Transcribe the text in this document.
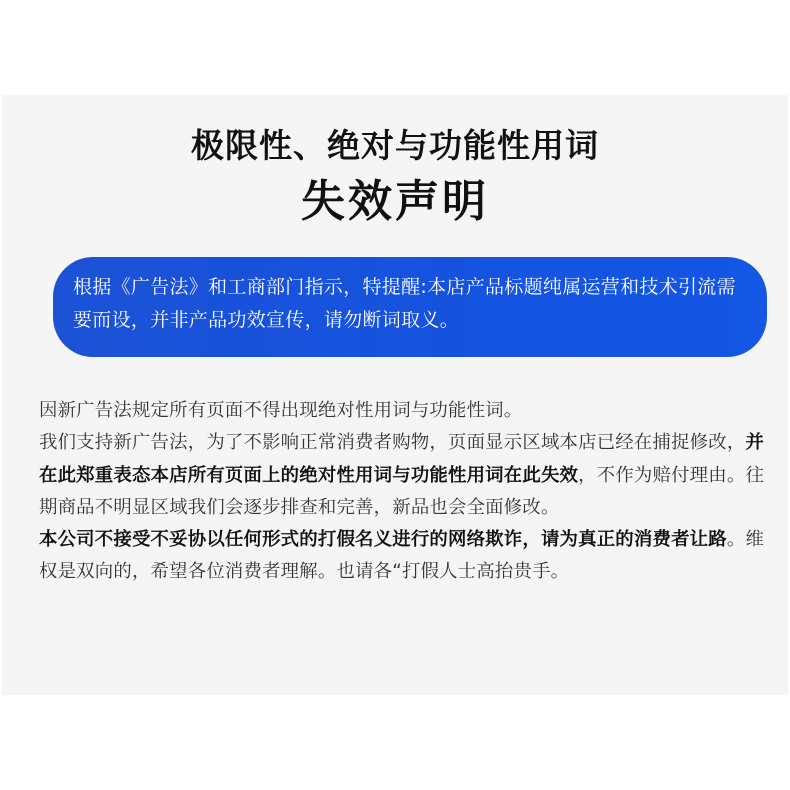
极限性、绝对与功能性用词
失效声明

根据《广告法》和工商部门指示，特提醒:本店产品标题纯属运营和技术引流需要而设，并非产品功效宣传，请勿断词取义。

因新广告法规定所有页面不得出现绝对性用词与功能性词。

我们支持新广告法，为了不影响正常消费者购物，页面显示区域本店已经在捕捉修改，并在此郑重表态本店所有页面上的绝对性用词与功能性用词在此失效，不作为赔付理由。往期商品不明显区域我们会逐步排查和完善，新品也会全面修改。

本公司不接受不妥协以任何形式的打假名义进行的网络欺诈，请为真正的消费者让路。维权是双向的，希望各位消费者理解。也请各“打假人士高抬贵手。
